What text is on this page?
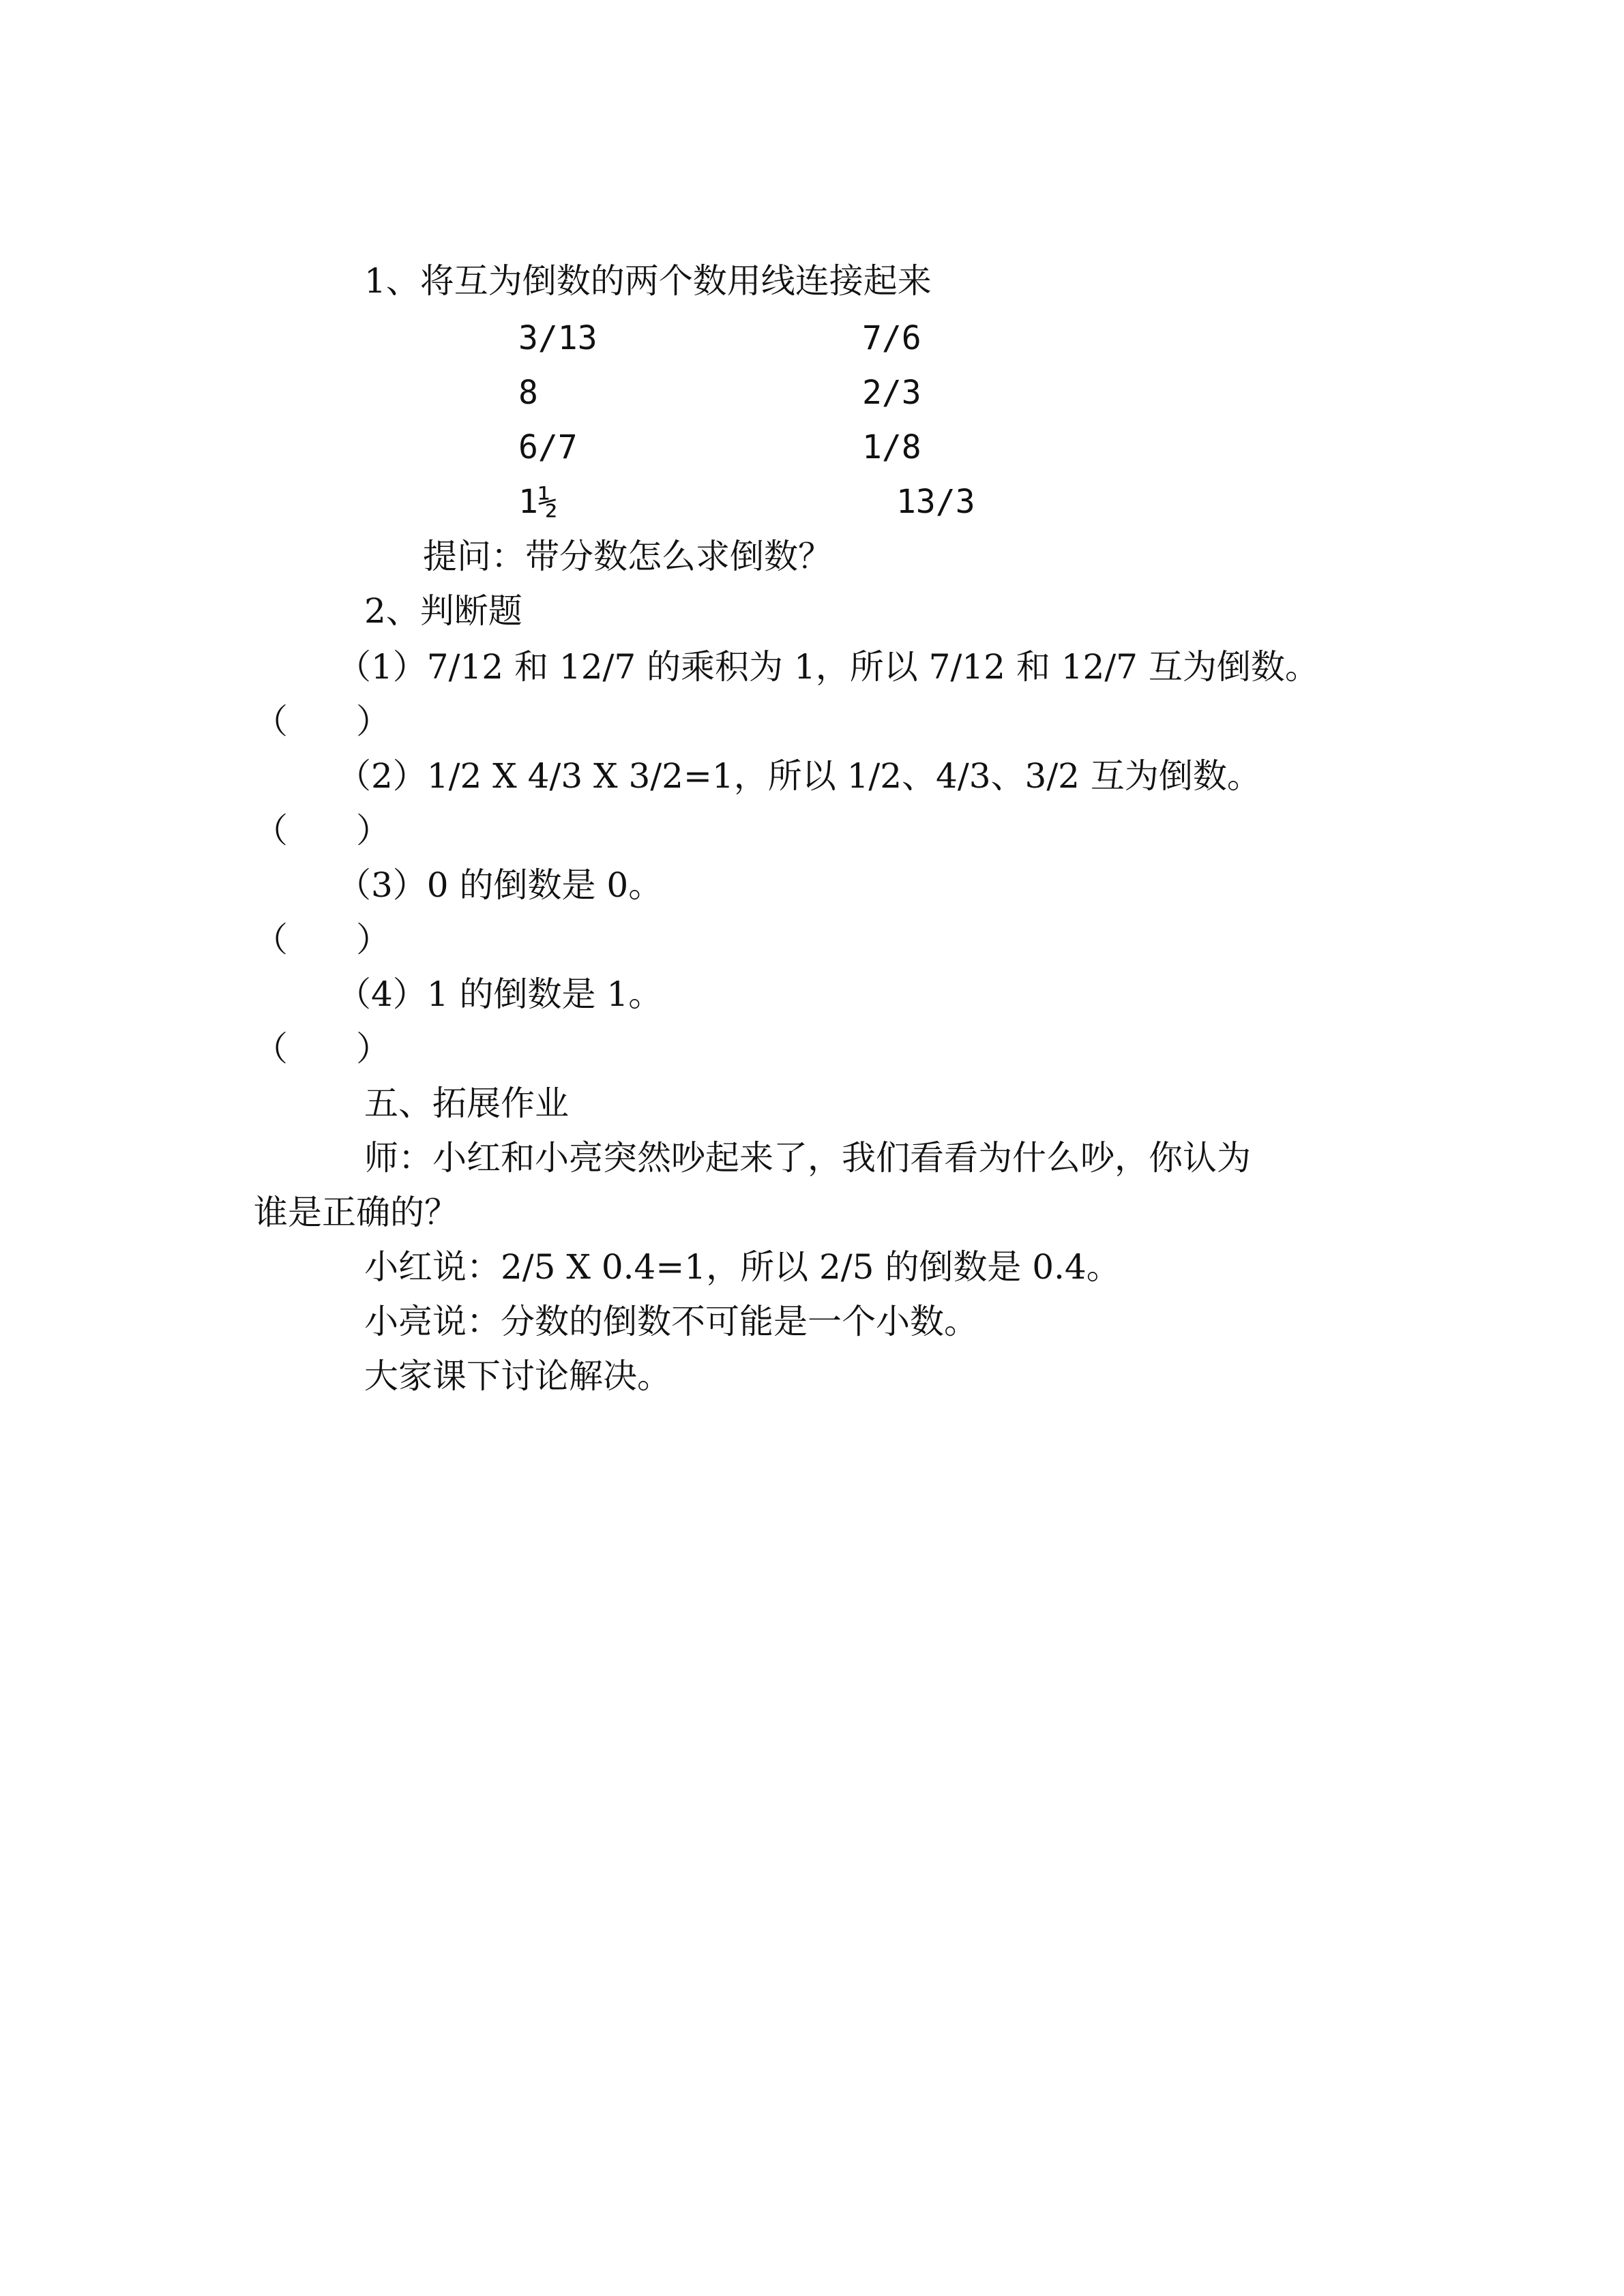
1、将互为倒数的两个数用线连接起来
3/13	7/6
8	2/3
6/7	1/8
1½	13/3
提问：带分数怎么求倒数？
2、判断题
（1）7/12 和 12/7 的乘积为 1，所以 7/12 和 12/7 互为倒数。
（　　）
（2）1/2 X 4/3 X 3/2=1，所以 1/2、4/3、3/2 互为倒数。
（　　）
（3）0 的倒数是 0。
（　　）
（4）1 的倒数是 1。
（　　）
五、拓展作业
师：小红和小亮突然吵起来了，我们看看为什么吵，你认为
谁是正确的？
小红说：2/5 X 0.4=1，所以 2/5 的倒数是 0.4。
小亮说：分数的倒数不可能是一个小数。
大家课下讨论解决。
